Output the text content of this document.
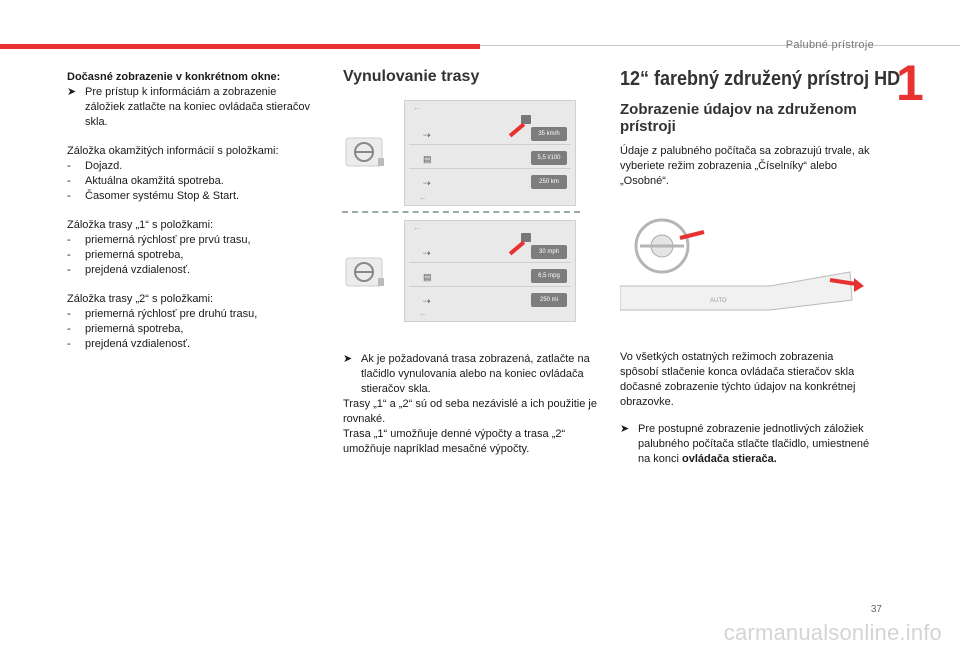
Palubné prístroje
1
Dočasné zobrazenie v konkrétnom okne:
➤ Pre prístup k informáciám a zobrazenie záložiek zatlačte na koniec ovládača stieračov skla.
Záložka okamžitých informácií s položkami:
-	Dojazd.
-	Aktuálna okamžitá spotreba.
-	Časomer systému Stop & Start.
Záložka trasy „1“ s položkami:
-	priemerná rýchlosť pre prvú trasu,
-	priemerná spotreba,
-	prejdená vzdialenosť.
Záložka trasy „2“ s položkami:
-	priemerná rýchlosť pre druhú trasu,
-	priemerná spotreba,
-	prejdená vzdialenosť.
Vynulovanie trasy
←
⇢	35 km/h
▤	5,5 l/100
⇢	250 km
←
←
⇢	30 mph
▤	6,5 mpg
⇢	250 mi
←
➤ Ak je požadovaná trasa zobrazená, zatlačte na tlačidlo vynulovania alebo na koniec ovládača stieračov skla.
Trasy „1“ a „2“ sú od seba nezávislé a ich použitie je rovnaké.
Trasa „1“ umožňuje denné výpočty a trasa „2“ umožňuje napríklad mesačné výpočty.
12“ farebný združený prístroj HD
Zobrazenie údajov na združenom prístroji
Údaje z palubného počítača sa zobrazujú trvale, ak vyberiete režim zobrazenia „Číselníky“ alebo „Osobné“.
AUTO
Vo všetkých ostatných režimoch zobrazenia spôsobí stlačenie konca ovládača stieračov skla dočasné zobrazenie týchto údajov na konkrétnej obrazovke.
➤ Pre postupné zobrazenie jednotlivých záložiek palubného počítača stlačte tlačidlo, umiestnené na konci ovládača stierača.
37
carmanualsonline.info
